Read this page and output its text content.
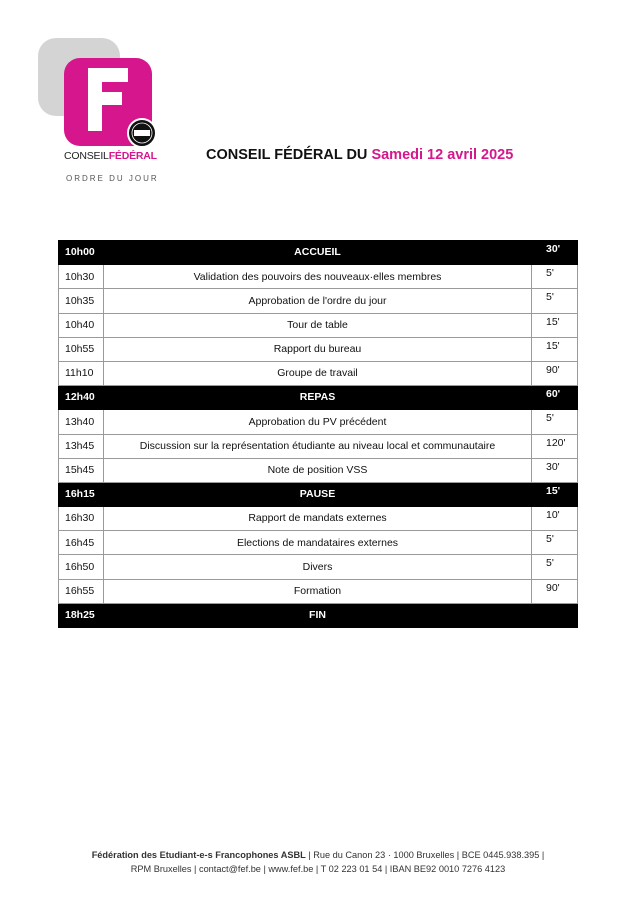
CONSEILFÉDÉRAL
ORDRE DU JOUR
CONSEIL FÉDÉRAL DU Samedi 12 avril 2025
10h00	ACCUEIL	30'
10h30	Validation des pouvoirs des nouveaux·elles membres	5'
10h35	Approbation de l'ordre du jour	5'
10h40	Tour de table	15'
10h55	Rapport du bureau	15'
11h10	Groupe de travail	90'
12h40	REPAS	60'
13h40	Approbation du PV précédent	5'
13h45	Discussion sur la représentation étudiante au niveau local et communautaire	120'
15h45	Note de position VSS	30'
16h15	PAUSE	15'
16h30	Rapport de mandats externes	10'
16h45	Elections de mandataires externes	5'
16h50	Divers	5'
16h55	Formation	90'
18h25	FIN	
Fédération des Etudiant-e-s Francophones ASBL | Rue du Canon 23 · 1000 Bruxelles | BCE 0445.938.395 |
RPM Bruxelles | contact@fef.be | www.fef.be | T 02 223 01 54 | IBAN BE92 0010 7276 4123
